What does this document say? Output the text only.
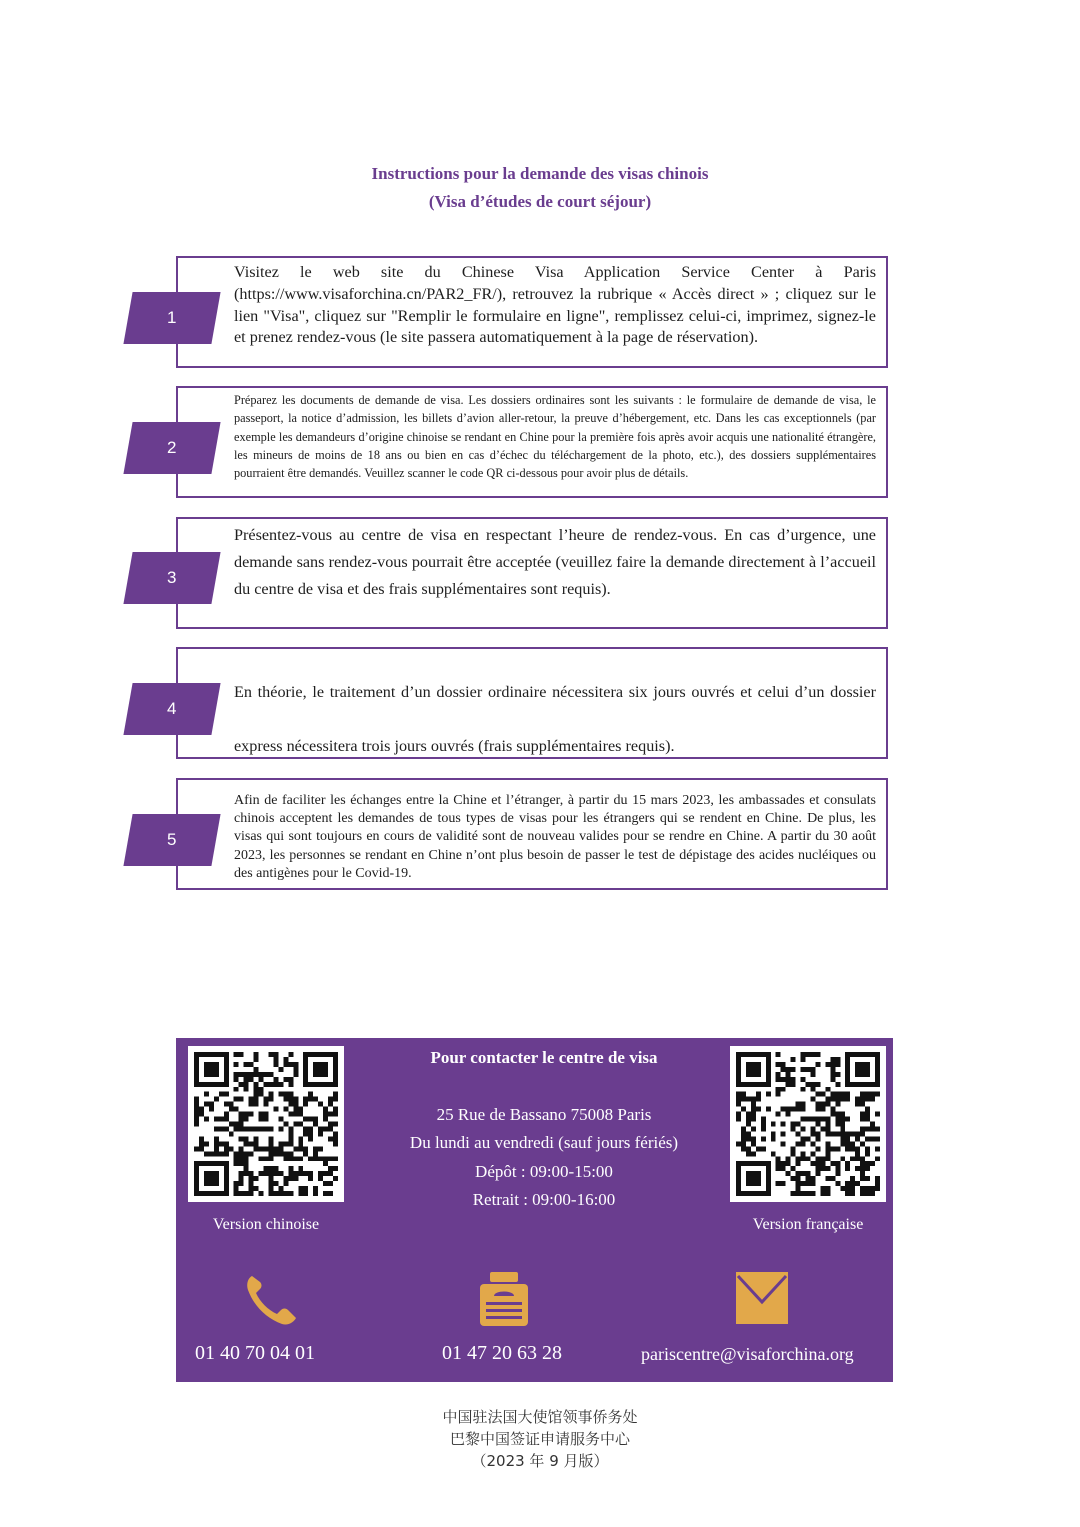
Instructions pour la demande des visas chinois
(Visa d’études de court séjour)
Visitez le web site du Chinese Visa Application Service Center à Paris (https://www.visaforchina.cn/PAR2_FR/), retrouvez la rubrique « Accès direct » ; cliquez sur le lien "Visa", cliquez sur "Remplir le formulaire en ligne", remplissez celui-ci, imprimez, signez-le et prenez rendez-vous (le site passera automatiquement à la page de réservation).
1
Préparez les documents de demande de visa. Les dossiers ordinaires sont les suivants : le formulaire de demande de visa, le passeport, la notice d’admission, les billets d’avion aller-retour, la preuve d’hébergement, etc. Dans les cas exceptionnels (par exemple les demandeurs d’origine chinoise se rendant en Chine pour la première fois après avoir acquis une nationalité étrangère, les mineurs de moins de 18 ans ou bien en cas d’échec du téléchargement de la photo, etc.), des dossiers supplémentaires pourraient être demandés. Veuillez scanner le code QR ci-dessous pour avoir plus de détails.
2
Présentez-vous au centre de visa en respectant l’heure de rendez-vous. En cas d’urgence, une demande sans rendez-vous pourrait être acceptée (veuillez faire la demande directement à l’accueil du centre de visa et des frais supplémentaires sont requis).
3
En théorie, le traitement d’un dossier ordinaire nécessitera six jours ouvrés et celui d’un dossier express nécessitera trois jours ouvrés (frais supplémentaires requis).
4
Afin de faciliter les échanges entre la Chine et l’étranger, à partir du 15 mars 2023, les ambassades et consulats chinois acceptent les demandes de tous types de visas pour les étrangers qui se rendent en Chine. De plus, les visas qui sont toujours en cours de validité sont de nouveau valides pour se rendre en Chine. A partir du 30 août 2023, les personnes se rendant en Chine n’ont plus besoin de passer le test de dépistage des acides nucléiques ou des antigènes pour le Covid-19.
5
Version chinoise	Version française
Pour contacter le centre de visa
25 Rue de Bassano 75008 Paris
Du lundi au vendredi (sauf jours fériés)
Dépôt : 09:00-15:00
Retrait : 09:00-16:00
01 40 70 04 01	01 47 20 63 28	pariscentre@visaforchina.org
中国驻法国大使馆领事侨务处
巴黎中国签证申请服务中心
（2023 年 9 月版）
